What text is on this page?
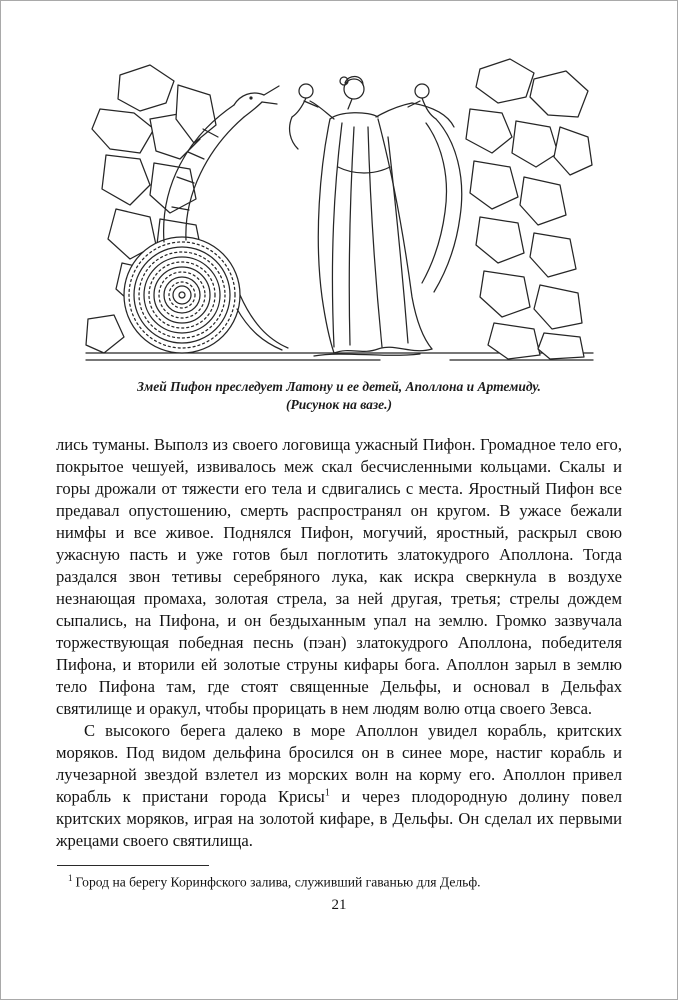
Змей Пифон преследует Латону и ее детей, Аполлона и Артемиду.
(Рисунок на вазе.)

лись туманы. Выполз из своего логовища ужасный Пифон. Громадное тело его, покрытое чешуей, извивалось меж скал бесчисленными кольцами. Скалы и горы дрожали от тяжести его тела и сдвигались с места. Яростный Пифон все предавал опустошению, смерть распространял он кругом. В ужасе бежали нимфы и все живое. Поднялся Пифон, могучий, яростный, раскрыл свою ужасную пасть и уже готов был поглотить златокудрого Аполлона. Тогда раздался звон тетивы серебряного лука, как искра сверкнула в воздухе незнающая промаха, золотая стрела, за ней другая, третья; стрелы дождем сыпались, на Пифона, и он бездыханным упал на землю. Громко зазвучала торжествующая победная песнь (пэан) златокудрого Аполлона, победителя Пифона, и вторили ей золотые струны кифары бога. Аполлон зарыл в землю тело Пифона там, где стоят священные Дельфы, и основал в Дельфах святилище и оракул, чтобы прорицать в нем людям волю отца своего Зевса.

С высокого берега далеко в море Аполлон увидел корабль, критских моряков. Под видом дельфина бросился он в синее море, настиг корабль и лучезарной звездой взлетел из морских волн на корму его. Аполлон привел корабль к пристани города Крисы$^1$ и через плодородную долину повел критских моряков, играя на золотой кифаре, в Дельфы. Он сделал их первыми жрецами своего святилища.

$^1$ Город на берегу Коринфского залива, служивший гаванью для Дельф.
21
